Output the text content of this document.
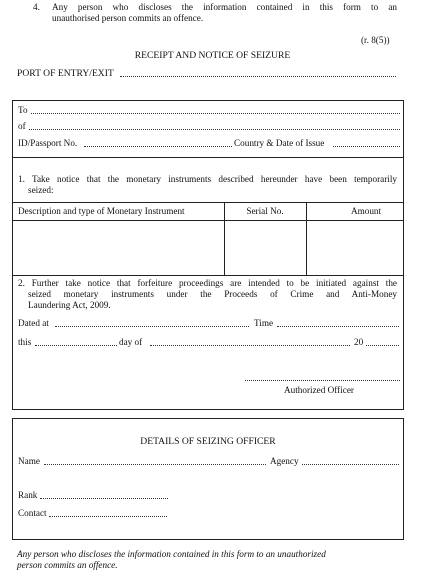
4. Any person who discloses the information contained in this form to an
unauthorised person commits an offence.
(r. 8(5))
RECEIPT AND NOTICE OF SEIZURE
PORT OF ENTRY/EXIT
To
of
ID/Passport No.	Country & Date of Issue
1. Take notice that the monetary instruments described hereunder have been temporarily
seized:
Description and type of Monetary Instrument	Serial No.	Amount
2. Further take notice that forfeiture proceedings are intended to be initiated against the
seized monetary instruments under the Proceeds of Crime and Anti-Money
Laundering Act, 2009.
Dated at	Time
this	day of	20
Authorized Officer
DETAILS OF SEIZING OFFICER
Name	Agency
Rank
Contact
Any person who discloses the information contained in this form to an unauthorized
person commits an offence.
